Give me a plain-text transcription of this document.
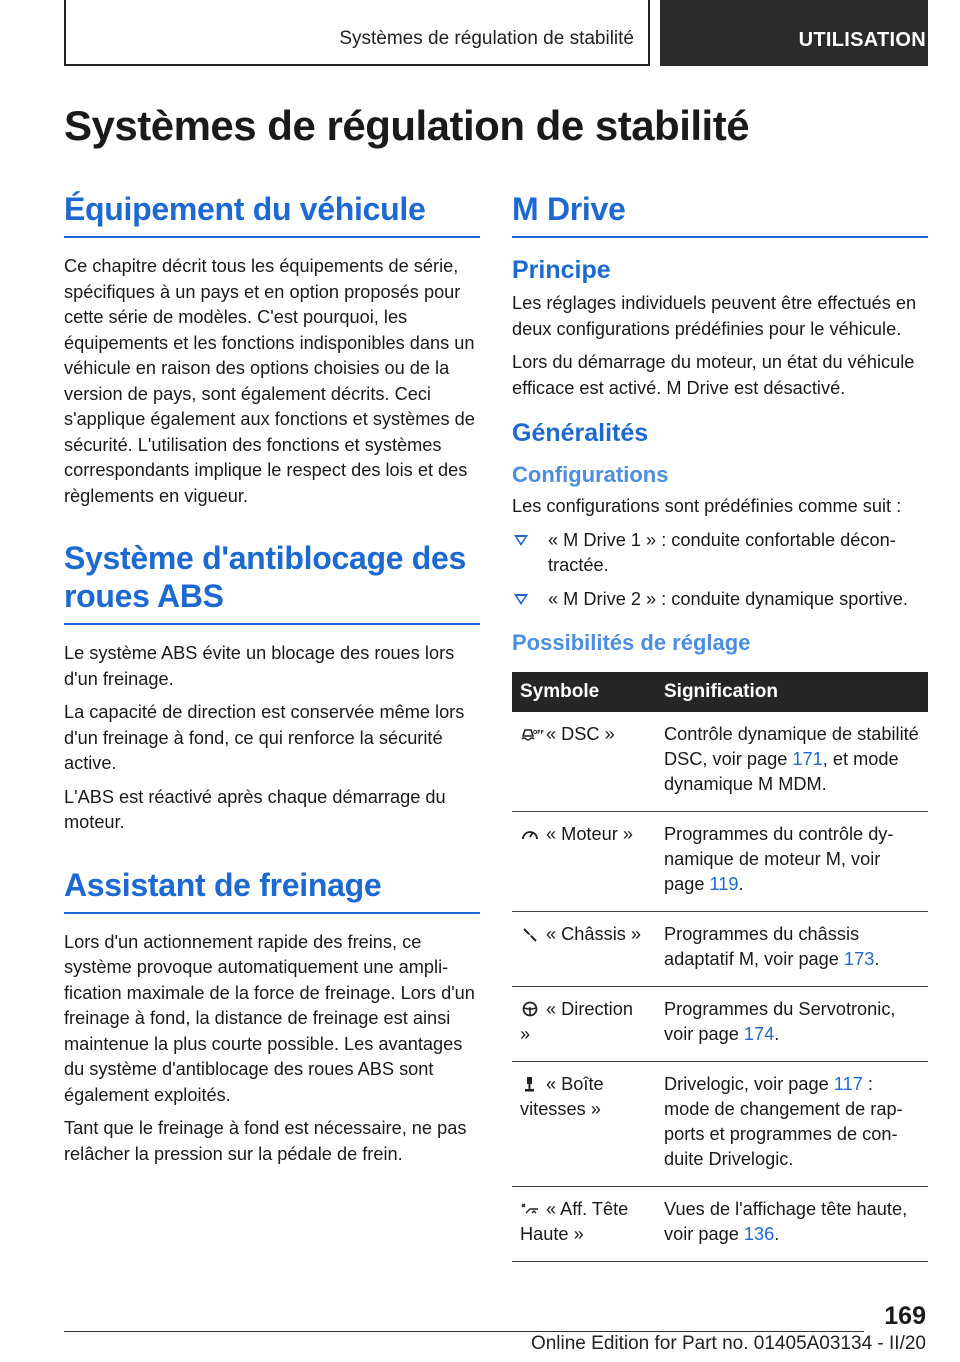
Systèmes de régulation de stabilité	UTILISATION
Systèmes de régulation de stabilité
Équipement du véhicule

Ce chapitre décrit tous les équipements de série, spécifiques à un pays et en option proposés pour cette série de modèles. C'est pourquoi, les équipements et les fonctions indisponibles dans un véhicule en raison des options choisies ou de la version de pays, sont également décrits. Ceci s'applique également aux fonctions et systèmes de sécurité. L'utilisation des fonctions et systèmes correspondants implique le respect des lois et des règlements en vigueur.

Système d'antiblocage des roues ABS

Le système ABS évite un blocage des roues lors d'un freinage.

La capacité de direction est conservée même lors d'un freinage à fond, ce qui renforce la sécurité active.

L'ABS est réactivé après chaque démarrage du moteur.

Assistant de freinage

Lors d'un actionnement rapide des freins, ce système provoque automatiquement une amplification maximale de la force de freinage. Lors d'un freinage à fond, la distance de freinage est ainsi maintenue la plus courte possible. Les avantages du système d'antiblocage des roues ABS sont également exploités.

Tant que le freinage à fond est nécessaire, ne pas relâcher la pression sur la pédale de frein.

M Drive
Principe

Les réglages individuels peuvent être effectués en deux configurations prédéfinies pour le véhicule.

Lors du démarrage du moteur, un état du véhicule efficace est activé. M Drive est désactivé.

Généralités
Configurations

Les configurations sont prédéfinies comme suit :

« M Drive 1 » : conduite confortable décontractée.
« M Drive 2 » : conduite dynamique sportive.
Possibilités de réglage
Symbole	Signification

OFF « DSC »	Contrôle dynamique de stabilité DSC, voir page 171, et mode dynamique M MDM.

« Moteur »	Programmes du contrôle dynamique de moteur M, voir page 119.

« Châssis »	Programmes du châssis adaptatif M, voir page 173.

« Direction »	Programmes du Servotronic, voir page 174.

« Boîte vitesses »	Drivelogic, voir page 117 : mode de changement de rapports et programmes de conduite Drivelogic.

« Aff. Tête Haute »	Vues de l'affichage tête haute, voir page 136.
169
Online Edition for Part no. 01405A03134 - II/20
